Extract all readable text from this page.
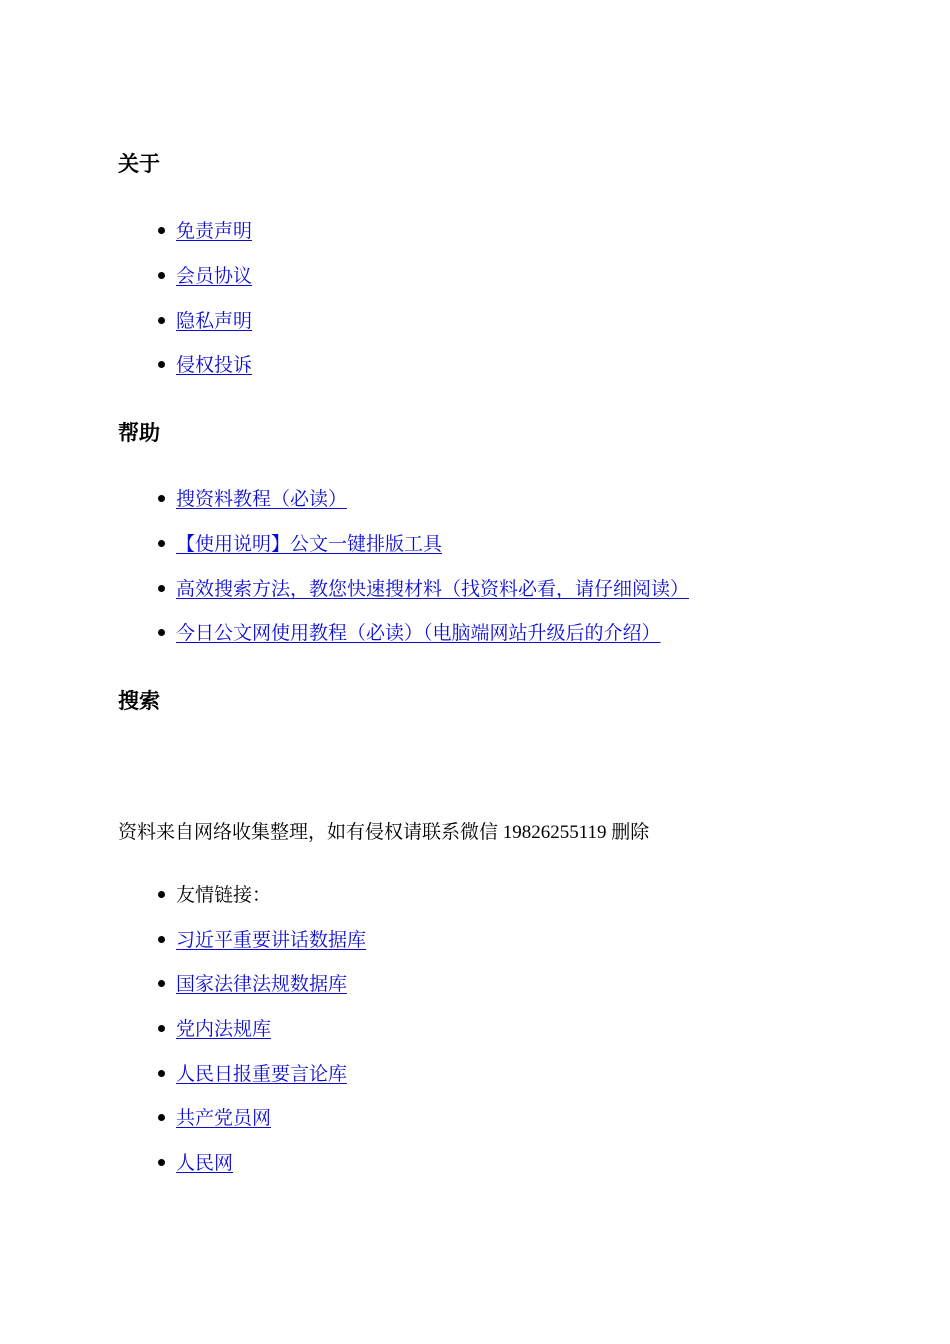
关于
免责声明
会员协议
隐私声明
侵权投诉
帮助
搜资料教程（必读）
【使用说明】公文一键排版工具
高效搜索方法，教您快速搜材料（找资料必看，请仔细阅读）
今日公文网使用教程（必读）（电脑端网站升级后的介绍）
搜索
资料来自网络收集整理，如有侵权请联系微信 19826255119 删除
友情链接：
习近平重要讲话数据库
国家法律法规数据库
党内法规库
人民日报重要言论库
共产党员网
人民网
